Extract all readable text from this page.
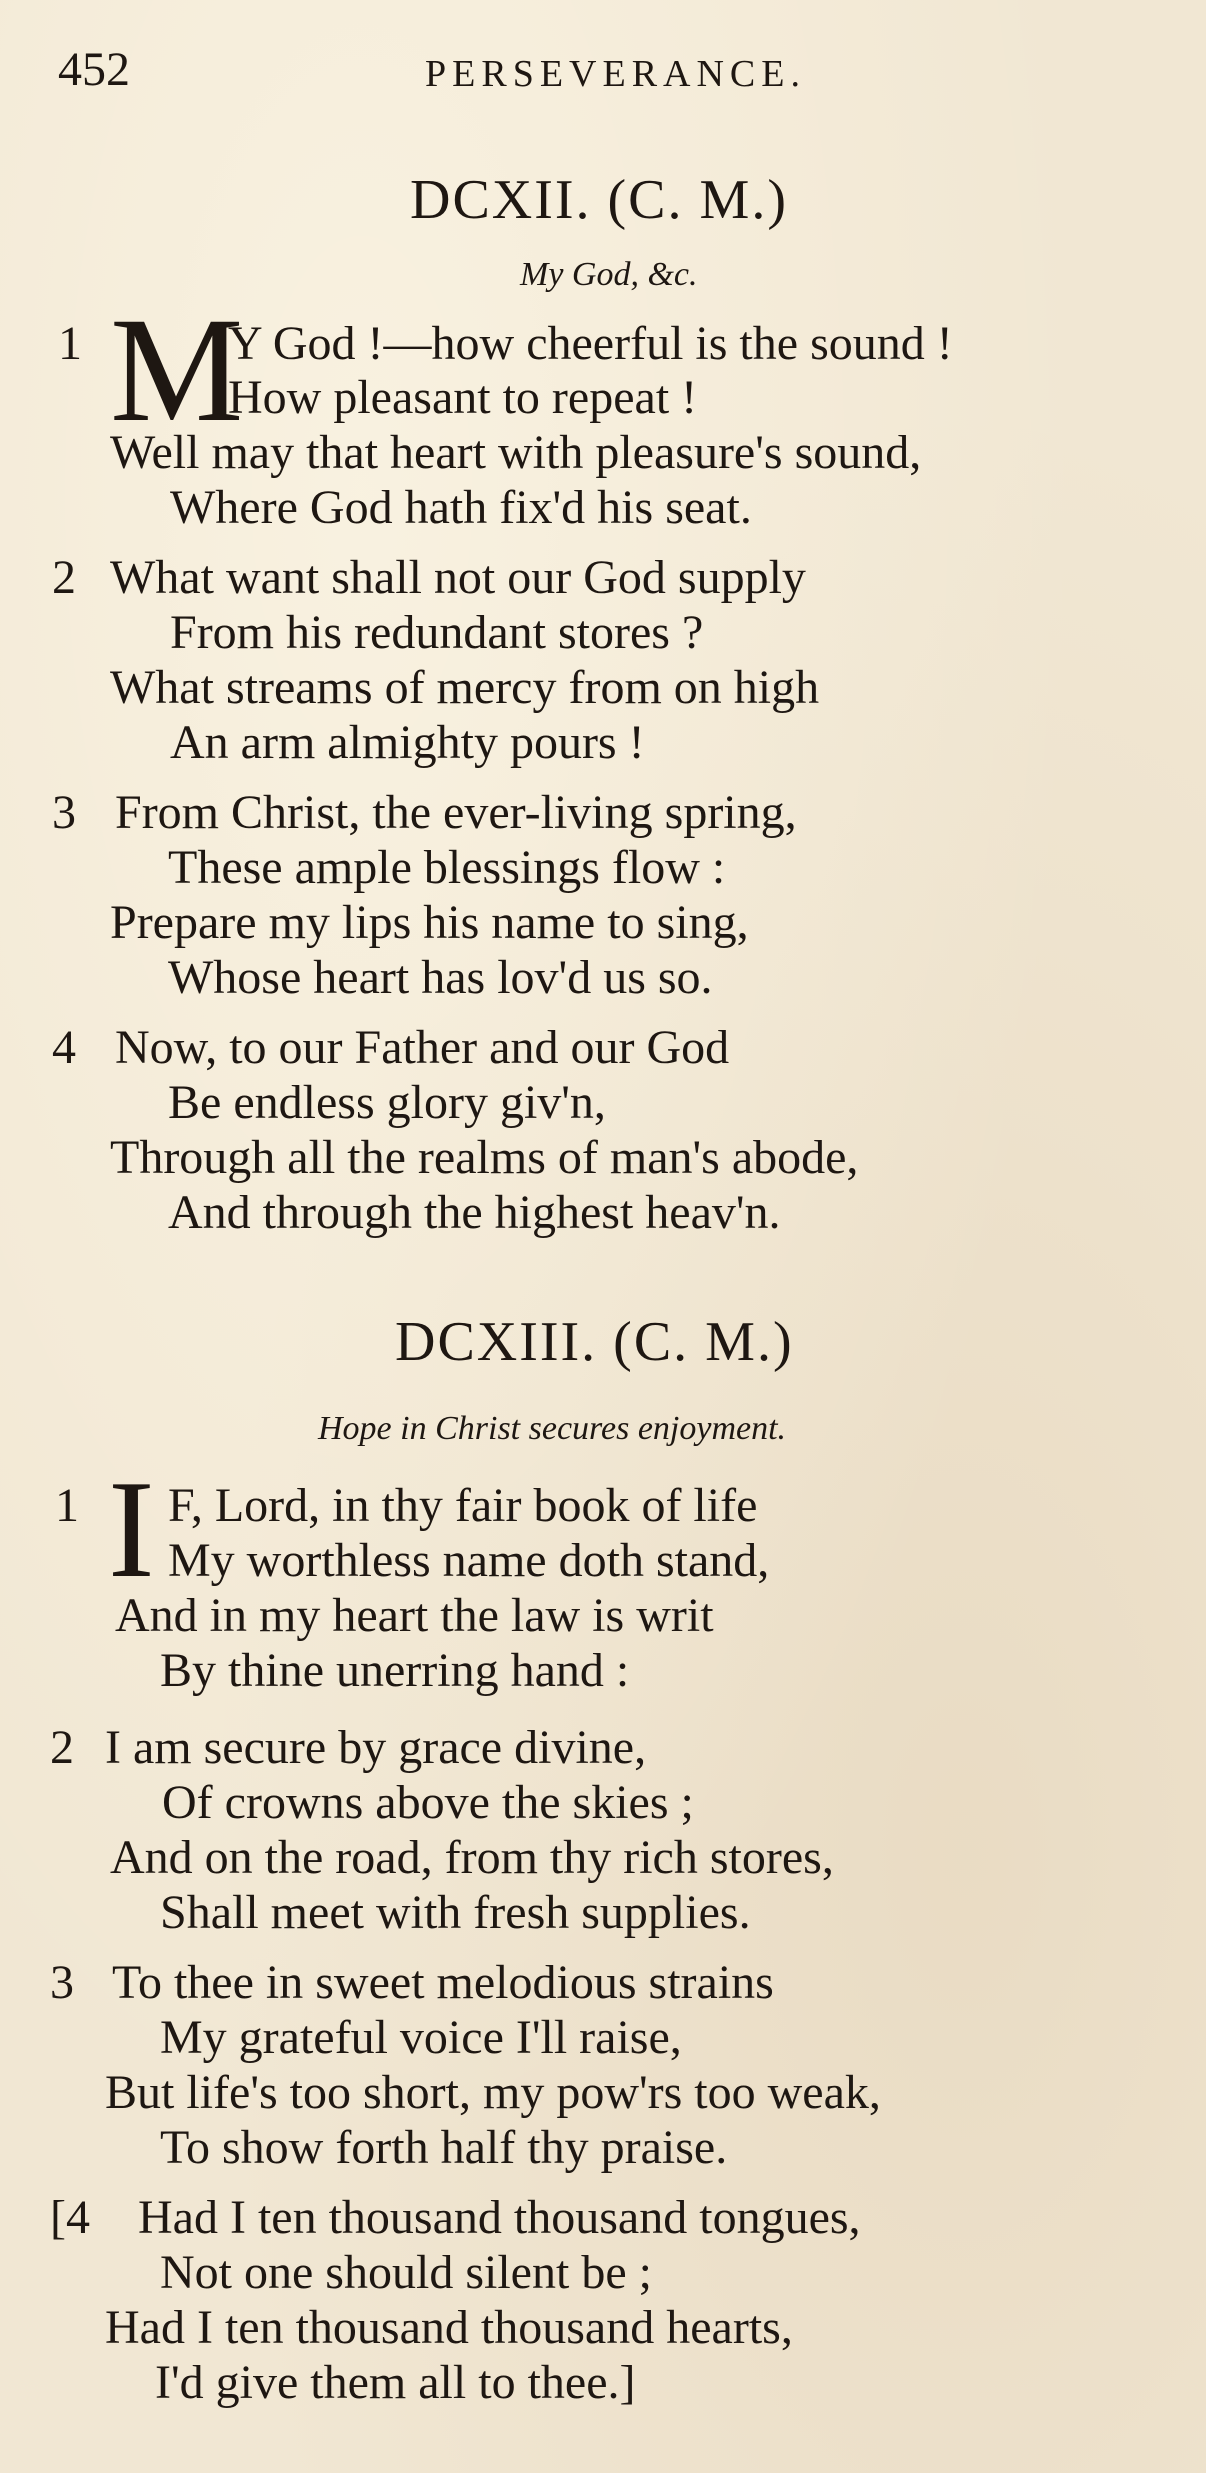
452	PERSEVERANCE.
DCXII. (C. M.)
My God, &c.
1 M
Y God !—how cheerful is the sound !
How pleasant to repeat !
Well may that heart with pleasure's sound,
Where God hath fix'd his seat.
2 What want shall not our God supply
From his redundant stores ?
What streams of mercy from on high
An arm almighty pours !
3 From Christ, the ever-living spring,
These ample blessings flow :
Prepare my lips his name to sing,
Whose heart has lov'd us so.
4 Now, to our Father and our God
Be endless glory giv'n,
Through all the realms of man's abode,
And through the highest heav'n.
DCXIII. (C. M.)
Hope in Christ secures enjoyment.
1 I F, Lord, in thy fair book of life
My worthless name doth stand,
And in my heart the law is writ
By thine unerring hand :
2 I am secure by grace divine,
Of crowns above the skies ;
And on the road, from thy rich stores,
Shall meet with fresh supplies.
3 To thee in sweet melodious strains
My grateful voice I'll raise,
But life's too short, my pow'rs too weak,
To show forth half thy praise.
[4 Had I ten thousand thousand tongues,
Not one should silent be ;
Had I ten thousand thousand hearts,
I'd give them all to thee.]
